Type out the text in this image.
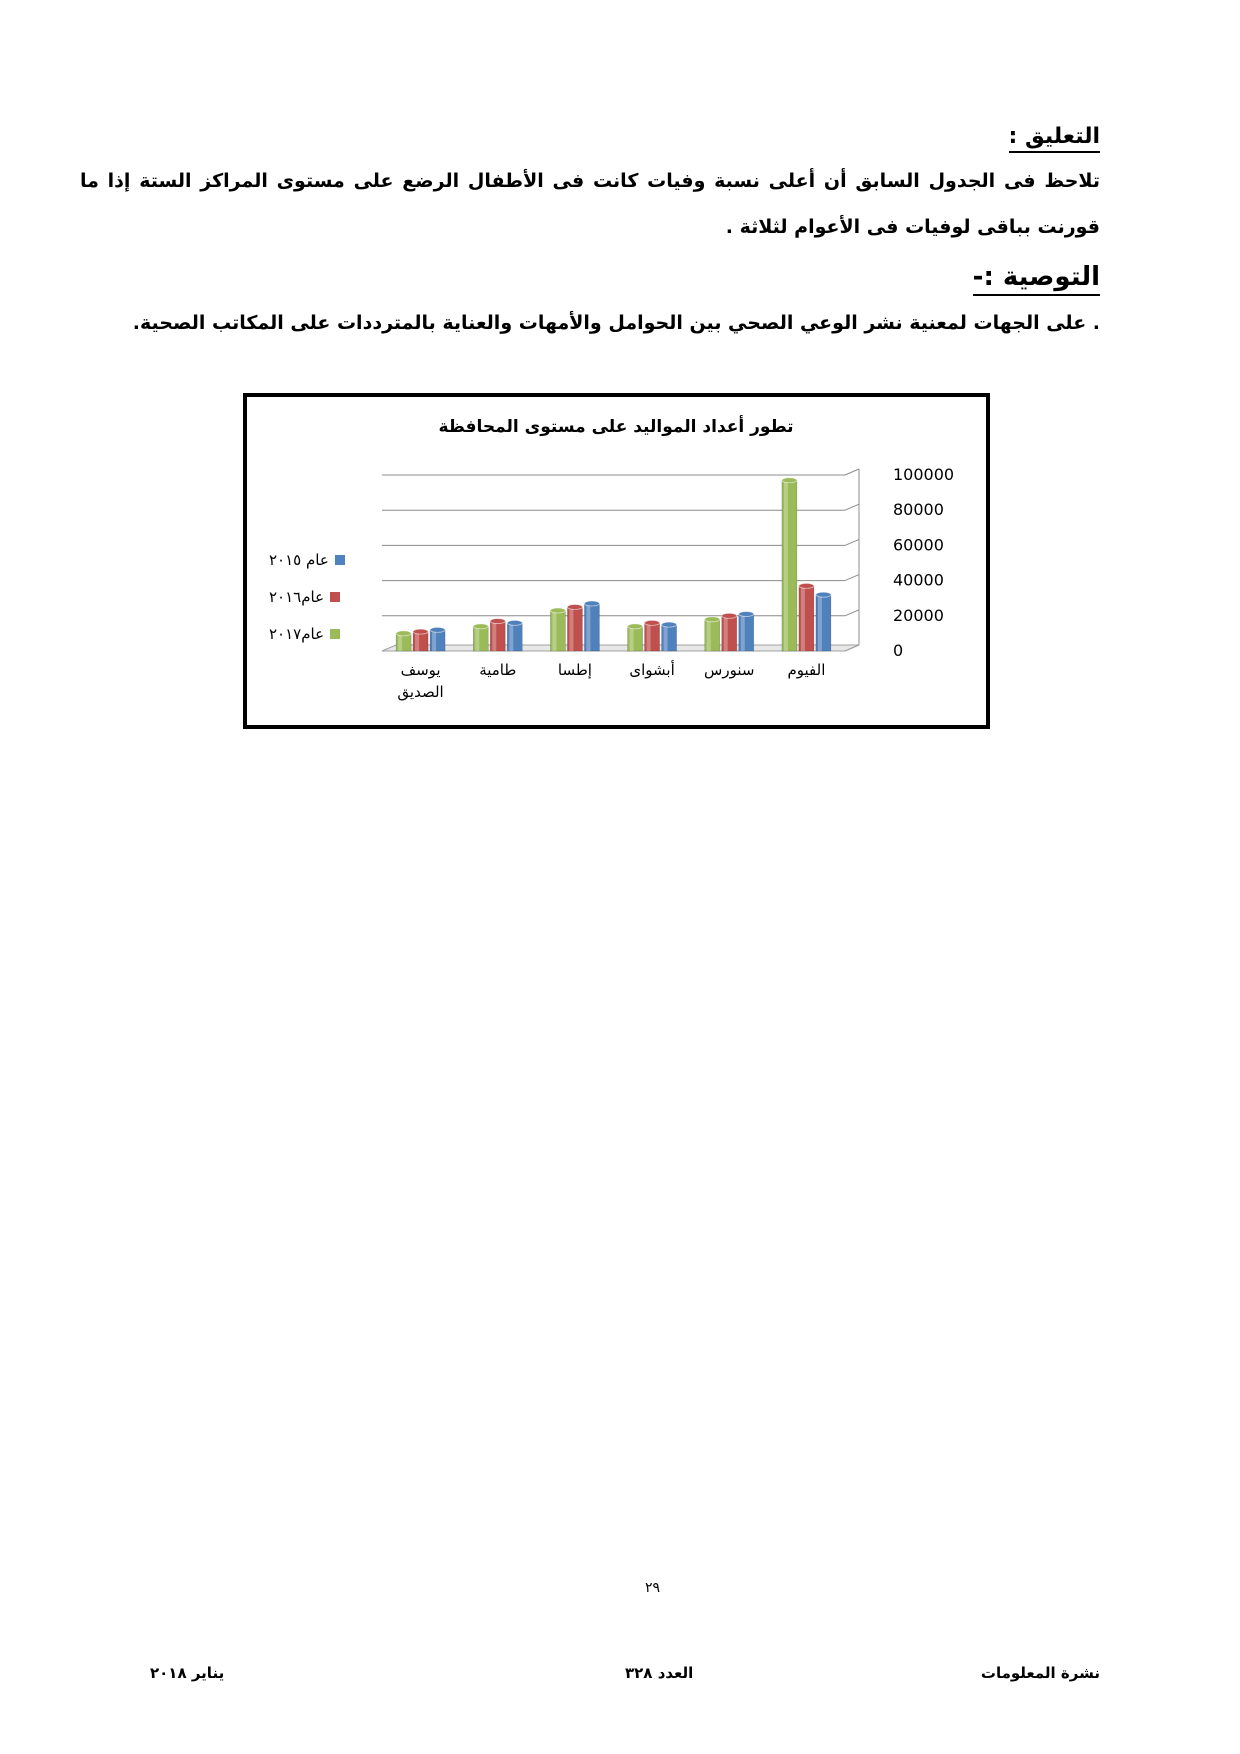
التعليق :
تلاحظ فى الجدول السابق أن أعلى نسبة وفيات كانت فى الأطفال الرضع على مستوى المراكز الستة إذا ما قورنت بباقى لوفيات فى الأعوام لثلاثة .
التوصية :-
. على الجهات لمعنية نشر الوعي الصحي بين الحوامل والأمهات والعناية بالمترددات على المكاتب الصحية.
تطور أعداد المواليد على مستوى المحافظة
0
20000
40000
60000
80000
100000
الفيوم
سنورس
أبشواى
إطسا
طامية
يوسف
الصديق
عام ٢٠١٥
عام٢٠١٦
عام٢٠١٧
٢٩
نشرة المعلومات
العدد ٣٢٨
يناير ٢٠١٨
